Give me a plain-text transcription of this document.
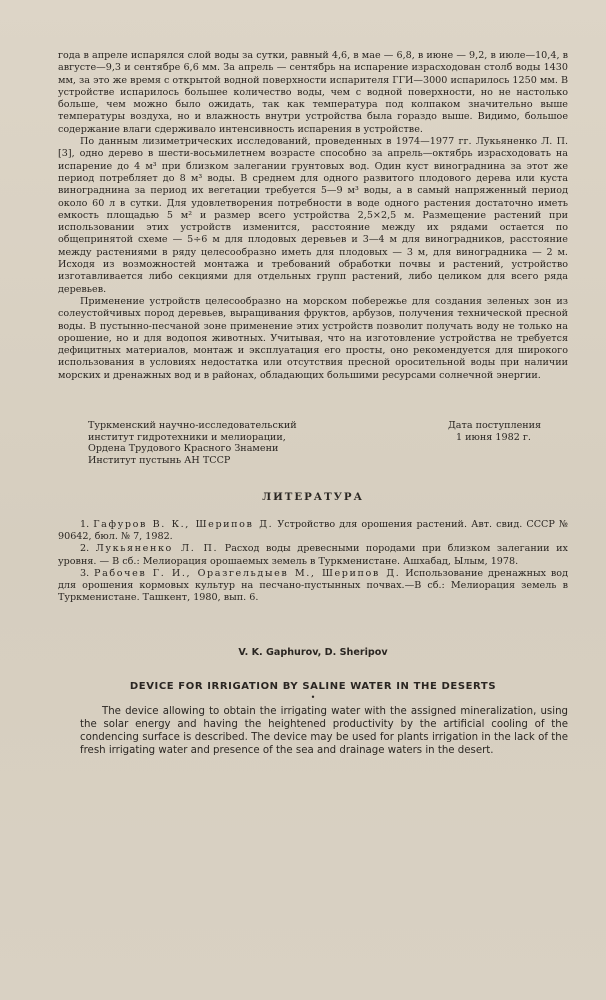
года в апреле испарялся слой воды за сутки, равный 4,6, в мае — 6,8, в июне — 9,2, в июле—10,4, в августе—9,3 и сентябре 6,6 мм. За апрель — сентябрь на испарение израсходован столб воды 1430 мм, за это же время с открытой водной поверхности испарителя ГГИ—3000 испарилось 1250 мм. В устройстве испарилось большее количество воды, чем с водной поверхности, но не настолько больше, чем можно было ожидать, так как температура под колпаком значительно выше температуры воздуха, но и влажность внутри устройства была гораздо выше. Видимо, большое содержание влаги сдерживало интенсивность испарения в устройстве.

По данным лизиметрических исследований, проведенных в 1974—1977 гг. Лукьяненко Л. П. [3], одно дерево в шести-восьмилетнем возрасте способно за апрель—октябрь израсходовать на испарение до 4 м³ при близком залегании грунтовых вод. Один куст винограднина за этот же период потребляет до 8 м³ воды. В среднем для одного развитого плодового дерева или куста винограднина за период их вегетации требуется 5—9 м³ воды, а в самый напряженный период около 60 л в сутки. Для удовлетворения потребности в воде одного растения достаточно иметь емкость площадью 5 м² и размер всего устройства 2,5×2,5 м. Размещение растений при использовании этих устройств изменится, расстояние между их рядами остается по общепринятой схеме — 5÷6 м для плодовых деревьев и 3—4 м для виноградников, расстояние между растениями в ряду целесообразно иметь для плодовых — 3 м, для виноградника — 2 м. Исходя из возможностей монтажа и требований обработки почвы и растений, устройство изготавливается либо секциями для отдельных групп растений, либо целиком для всего ряда деревьев.

Применение устройств целесообразно на морском побережье для создания зеленых зон из солеустойчивых пород деревьев, выращивания фруктов, арбузов, получения технической пресной воды. В пустынно-песчаной зоне применение этих устройств позволит получать воду не только на орошение, но и для водопоя животных. Учитывая, что на изготовление устройства не требуется дефицитных материалов, монтаж и эксплуатация его просты, оно рекомендуется для широкого использования в условиях недостатка или отсутствия пресной оросительной воды при наличии морских и дренажных вод и в районах, обладающих большими ресурсами солнечной энергии.

Туркменский научно-исследовательский
институт гидротехники и мелиорации,
Ордена Трудового Красного Знамени
Институт пустынь АН ТССР
Дата поступления
1 июня 1982 г.
ЛИТЕРАТУРА

1. Гафуров В. К., Шерипов Д. Устройство для орошения растений. Авт. свид. СССР № 90642, бюл. № 7, 1982.

2. Лукьяненко Л. П. Расход воды древесными породами при близком залегании их уровня. — В сб.: Мелиорация орошаемых земель в Туркменистане. Ашхабад, Ылым, 1978.

3. Рабочев Г. И., Оразгельдыев М., Шерипов Д. Использование дренажных вод для орошения кормовых культур на песчано-пустынных почвах.—В сб.: Мелиорация земель в Туркменистане. Ташкент, 1980, вып. 6.

V. K. Gaphurov, D. Sheripov
DEVICE FOR IRRIGATION BY SALINE WATER IN THE DESERTS
•

The device allowing to obtain the irrigating water with the assigned mineralization, using the solar energy and having the heightened productivity by the artificial cooling of the condencing surface is described. The device may be used for plants irrigation in the lack of the fresh irrigating water and presence of the sea and drainage waters in the desert.
